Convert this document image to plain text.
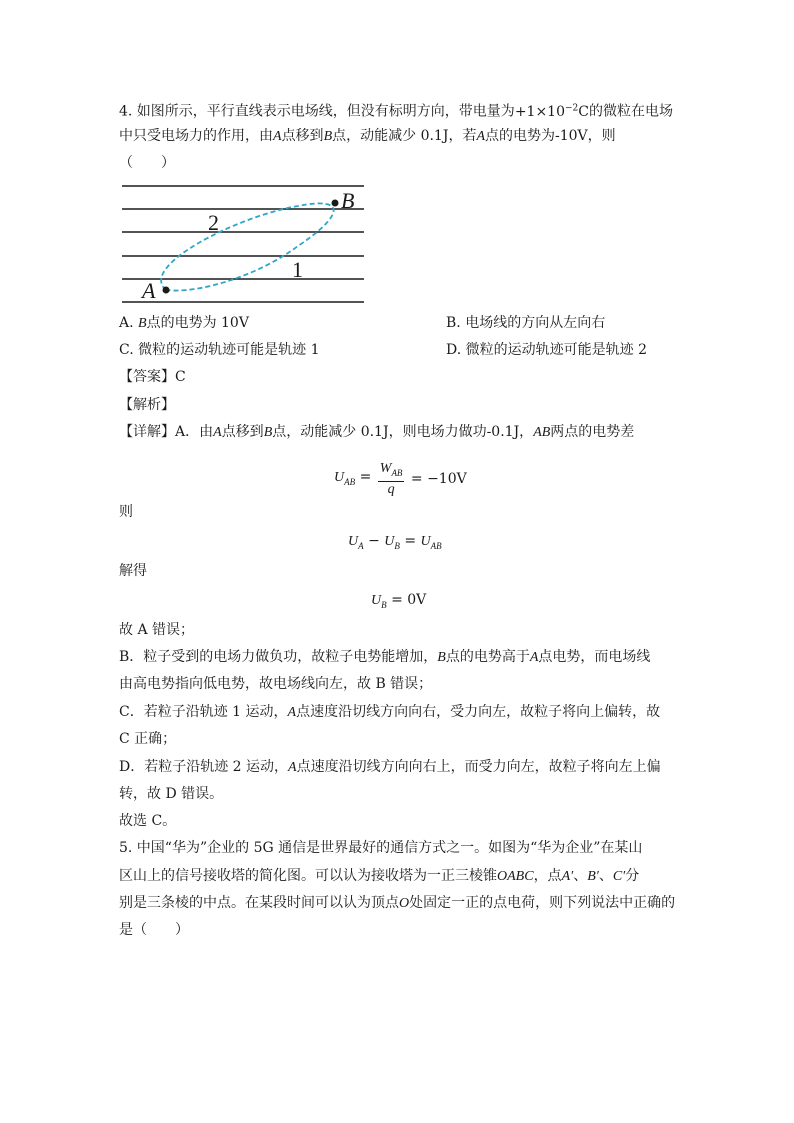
4. 如图所示，平行直线表示电场线，但没有标明方向，带电量为$+1\times 10^{-2}C$的微粒在电场
中只受电场力的作用，由A点移到B点，动能减少 0.1J，若A点的电势为-10V，则
（　　）
A
B
2
1
A. B点的电势为 10V	B. 电场线的方向从左向右
C. 微粒的运动轨迹可能是轨迹 1	D. 微粒的运动轨迹可能是轨迹 2
【答案】C
【解析】
【详解】A．由A点移到B点，动能减少 0.1J，则电场力做功-0.1J，AB两点的电势差
$U_{AB} = W_{AB}$
q
= −10V
则
$U_A - U_B = U_{AB}$
解得
$U_B = 0V$
故 A 错误；
B．粒子受到的电场力做负功，故粒子电势能增加，B点的电势高于A点电势，而电场线
由高电势指向低电势，故电场线向左，故 B 错误；
C．若粒子沿轨迹 1 运动，A点速度沿切线方向向右，受力向左，故粒子将向上偏转，故
C 正确；
D．若粒子沿轨迹 2 运动，A点速度沿切线方向向右上，而受力向左，故粒子将向左上偏
转，故 D 错误。
故选 C。
5. 中国“华为”企业的 5G 通信是世界最好的通信方式之一。如图为“华为企业”在某山
区山上的信号接收塔的简化图。可以认为接收塔为一正三棱锥OABC，点A′、B′、C′分
别是三条棱的中点。在某段时间可以认为顶点O处固定一正的点电荷，则下列说法中正确的
是（　　）
